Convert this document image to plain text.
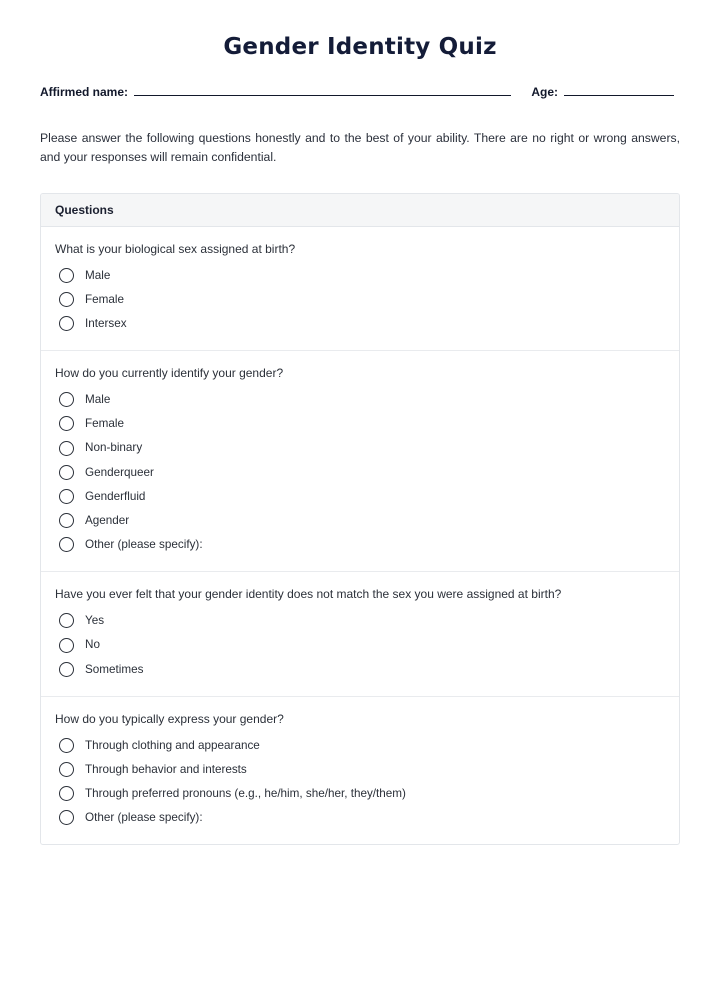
Gender Identity Quiz
Affirmed name:	Age:

Please answer the following questions honestly and to the best of your ability. There are no right or wrong answers, and your responses will remain confidential.

Questions
What is your biological sex assigned at birth?
Male
Female
Intersex
How do you currently identify your gender?
Male
Female
Non-binary
Genderqueer
Genderfluid
Agender
Other (please specify):
Have you ever felt that your gender identity does not match the sex you were assigned at birth?
Yes
No
Sometimes
How do you typically express your gender?
Through clothing and appearance
Through behavior and interests
Through preferred pronouns (e.g., he/him, she/her, they/them)
Other (please specify):
